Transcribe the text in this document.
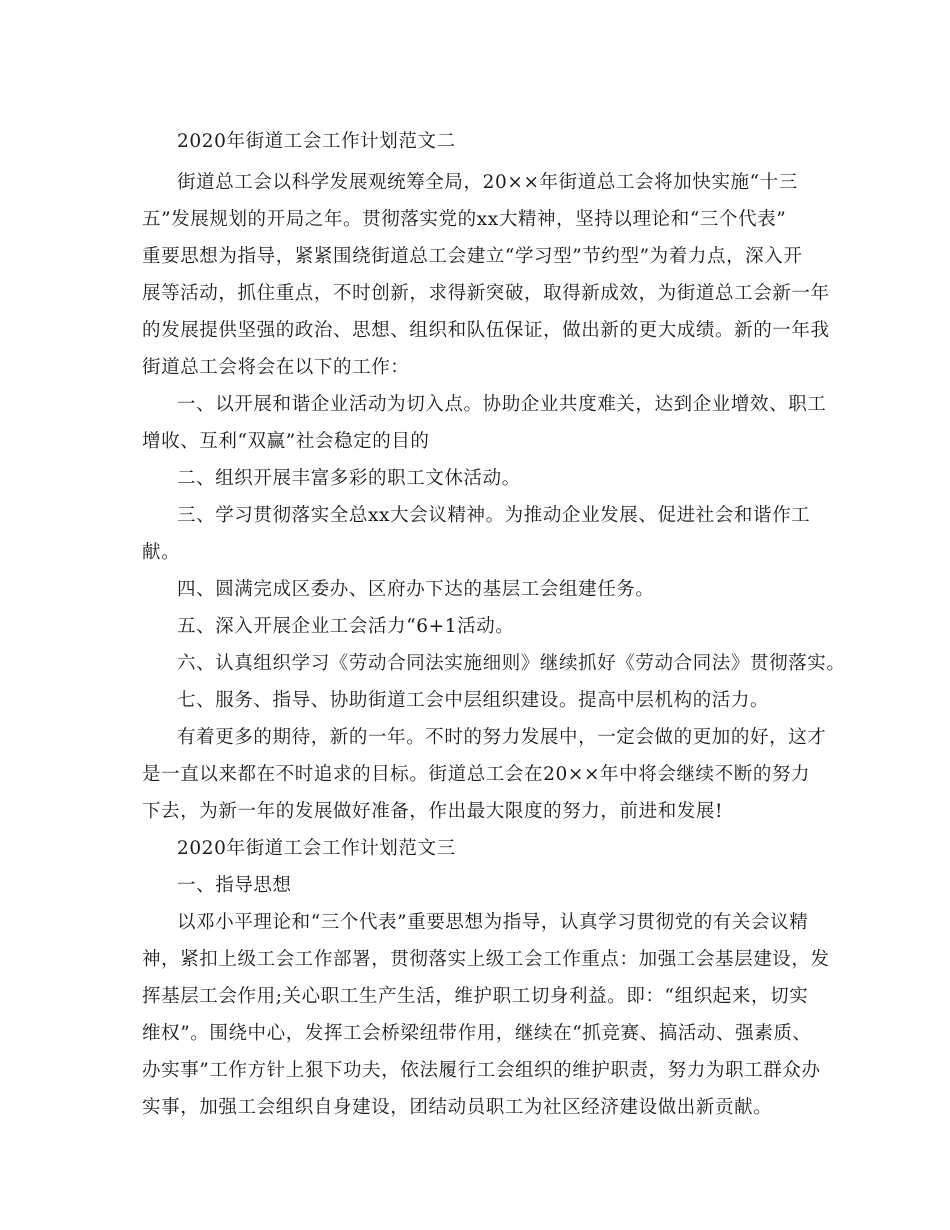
2020年街道工会工作计划范文二
街道总工会以科学发展观统筹全局，20××年街道总工会将加快实施“十三
五”发展规划的开局之年。贯彻落实党的xx大精神，坚持以理论和“三个代表”
重要思想为指导，紧紧围绕街道总工会建立“学习型”节约型”为着力点，深入开
展等活动，抓住重点，不时创新，求得新突破，取得新成效，为街道总工会新一年
的发展提供坚强的政治、思想、组织和队伍保证，做出新的更大成绩。新的一年我
街道总工会将会在以下的工作：
一、以开展和谐企业活动为切入点。协助企业共度难关，达到企业增效、职工
增收、互利“双赢”社会稳定的目的
二、组织开展丰富多彩的职工文休活动。
三、学习贯彻落实全总xx大会议精神。为推动企业发展、促进社会和谐作工
献。
四、圆满完成区委办、区府办下达的基层工会组建任务。
五、深入开展企业工会活力“6+1活动。
六、认真组织学习《劳动合同法实施细则》继续抓好《劳动合同法》贯彻落实。
七、服务、指导、协助街道工会中层组织建设。提高中层机构的活力。
有着更多的期待，新的一年。不时的努力发展中，一定会做的更加的好，这才
是一直以来都在不时追求的目标。街道总工会在20××年中将会继续不断的努力
下去，为新一年的发展做好准备，作出最大限度的努力，前进和发展!
2020年街道工会工作计划范文三
一、指导思想
以邓小平理论和“三个代表”重要思想为指导，认真学习贯彻党的有关会议精
神，紧扣上级工会工作部署，贯彻落实上级工会工作重点：加强工会基层建设，发
挥基层工会作用;关心职工生产生活，维护职工切身利益。即：“组织起来，切实
维权”。围绕中心，发挥工会桥梁纽带作用，继续在“抓竞赛、搞活动、强素质、
办实事”工作方针上狠下功夫，依法履行工会组织的维护职责，努力为职工群众办
实事，加强工会组织自身建设，团结动员职工为社区经济建设做出新贡献。
